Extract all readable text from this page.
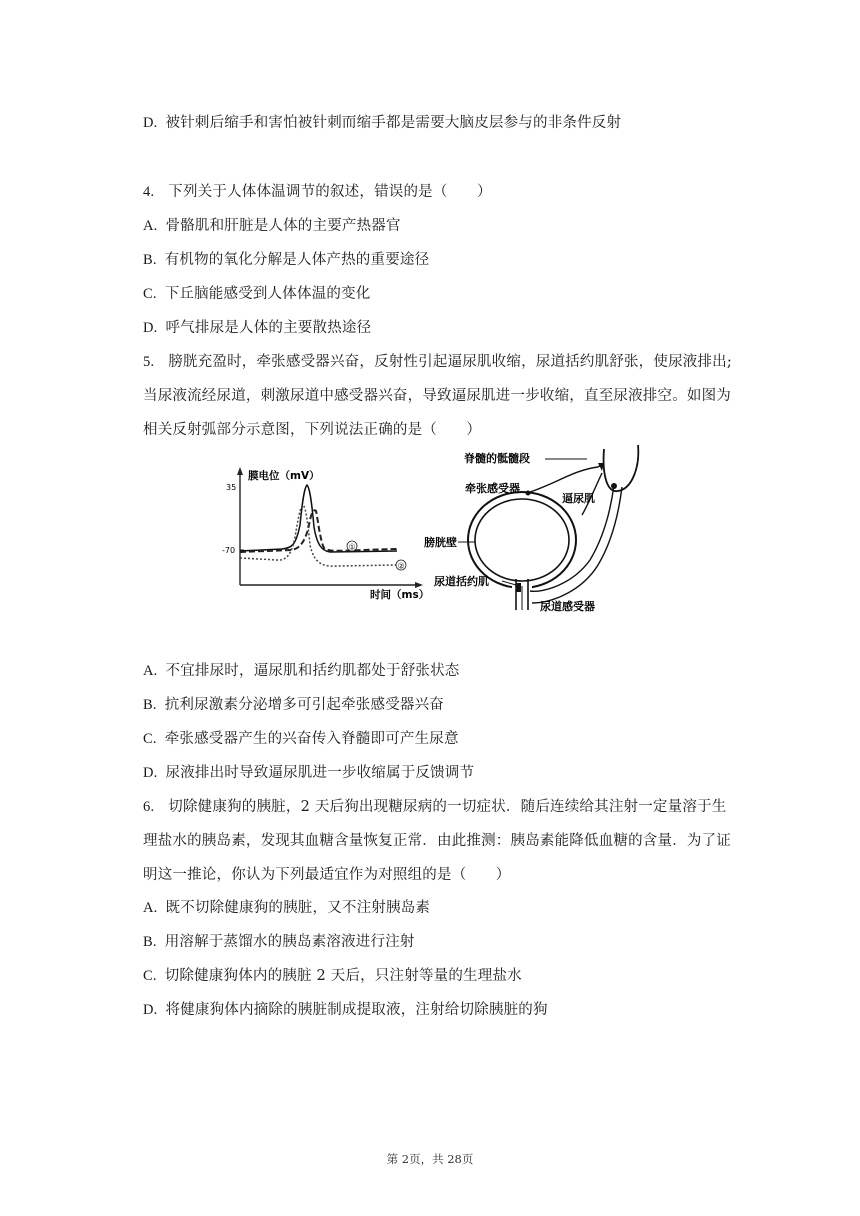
D. 被针刺后缩手和害怕被针刺而缩手都是需要大脑皮层参与的非条件反射
4. 下列关于人体体温调节的叙述，错误的是（　　）
A. 骨骼肌和肝脏是人体的主要产热器官
B. 有机物的氧化分解是人体产热的重要途径
C. 下丘脑能感受到人体体温的变化
D. 呼气排尿是人体的主要散热途径
5. 膀胱充盈时，牵张感受器兴奋，反射性引起逼尿肌收缩，尿道括约肌舒张，使尿液排出;
当尿液流经尿道，刺激尿道中感受器兴奋，导致逼尿肌进一步收缩，直至尿液排空。如图为
相关反射弧部分示意图，下列说法正确的是（　　）
膜电位（mV）
时间（ms）
35
-70	①
②
脊髓的骶髓段
牵张感受器
逼尿肌
膀胱壁
尿道括约肌
尿道感受器
A. 不宜排尿时，逼尿肌和括约肌都处于舒张状态
B. 抗利尿激素分泌增多可引起牵张感受器兴奋
C. 牵张感受器产生的兴奋传入脊髓即可产生尿意
D. 尿液排出时导致逼尿肌进一步收缩属于反馈调节
6. 切除健康狗的胰脏，2 天后狗出现糖尿病的一切症状．随后连续给其注射一定量溶于生
理盐水的胰岛素，发现其血糖含量恢复正常．由此推测：胰岛素能降低血糖的含量．为了证
明这一推论，你认为下列最适宜作为对照组的是（　　）
A. 既不切除健康狗的胰脏，又不注射胰岛素
B. 用溶解于蒸馏水的胰岛素溶液进行注射
C. 切除健康狗体内的胰脏 2 天后，只注射等量的生理盐水
D. 将健康狗体内摘除的胰脏制成提取液，注射给切除胰脏的狗
第 2页，共 28页
